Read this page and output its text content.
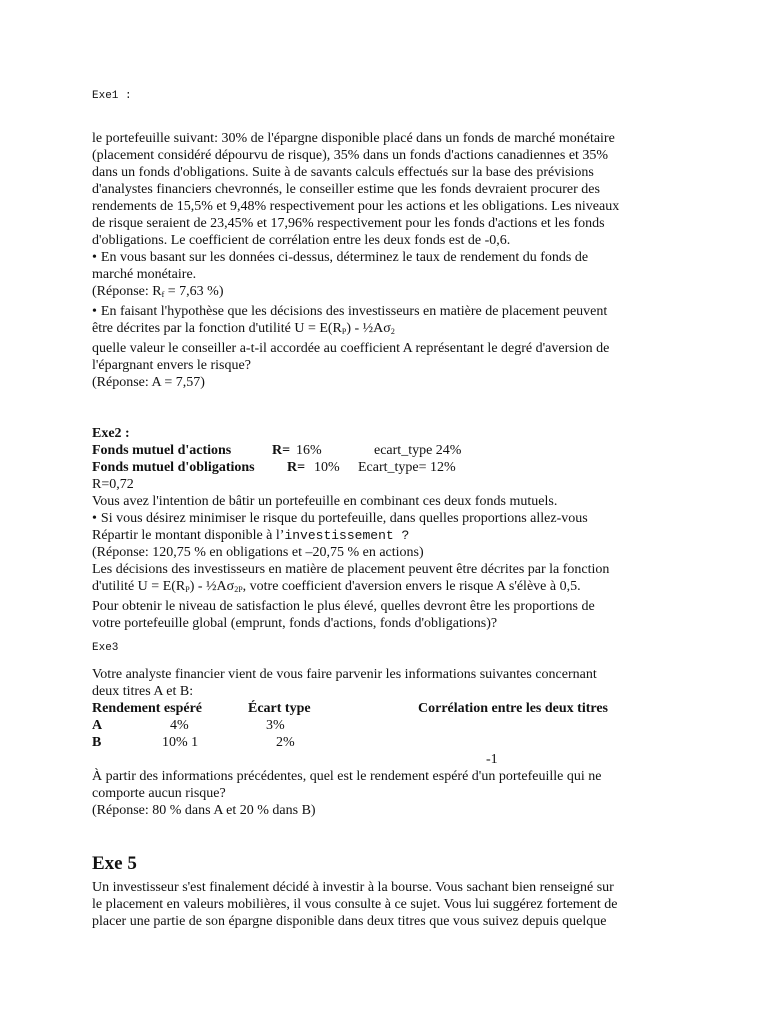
Exe1 :
le portefeuille suivant: 30% de l'épargne disponible placé dans un fonds de marché monétaire
(placement considéré dépourvu de risque), 35% dans un fonds d'actions canadiennes et 35%
dans un fonds d'obligations. Suite à de savants calculs effectués sur la base des prévisions
d'analystes financiers chevronnés, le conseiller estime que les fonds devraient procurer des
rendements de 15,5% et 9,48% respectivement pour les actions et les obligations. Les niveaux
de risque seraient de 23,45% et 17,96% respectivement pour les fonds d'actions et les fonds
d'obligations. Le coefficient de corrélation entre les deux fonds est de -0,6.
• En vous basant sur les données ci-dessus, déterminez le taux de rendement du fonds de
marché monétaire.
(Réponse: $R_f = 7,63$ %)
• En faisant l'hypothèse que les décisions des investisseurs en matière de placement peuvent
être décrites par la fonction d'utilité $U = E(R_P)$ - $\frac{1}{2}A\sigma_2$
quelle valeur le conseiller a-t-il accordée au coefficient A représentant le degré d'aversion de
l'épargnant envers le risque?
(Réponse: A = 7,57)
Exe2 :
Fonds mutuel d'actions	R= 16%	ecart_type 24%
Fonds mutuel d'obligations R= 10% Ecart_type= 12%
R=0,72
Vous avez l'intention de bâtir un portefeuille en combinant ces deux fonds mutuels.
• Si vous désirez minimiser le risque du portefeuille, dans quelles proportions allez-vous
Répartir le montant disponible à l’investissement ?
(Réponse: 120,75 % en obligations et –20,75 % en actions)
Les décisions des investisseurs en matière de placement peuvent être décrites par la fonction
d'utilité $U = E(R_P)$ - $\frac{1}{2}A\sigma_{2P}$, votre coefficient d'aversion envers le risque A s'élève à 0,5.
Pour obtenir le niveau de satisfaction le plus élevé, quelles devront être les proportions de
votre portefeuille global (emprunt, fonds d'actions, fonds d'obligations)?
Exe3
Votre analyste financier vient de vous faire parvenir les informations suivantes concernant
deux titres A et B:
Rendement espéré	Écart type	Corrélation entre les deux titres
A	4%	3%
B	10% 1	2%
-1
À partir des informations précédentes, quel est le rendement espéré d'un portefeuille qui ne
comporte aucun risque?
(Réponse: 80 % dans A et 20 % dans B)
Exe 5
Un investisseur s'est finalement décidé à investir à la bourse. Vous sachant bien renseigné sur
le placement en valeurs mobilières, il vous consulte à ce sujet. Vous lui suggérez fortement de
placer une partie de son épargne disponible dans deux titres que vous suivez depuis quelque
